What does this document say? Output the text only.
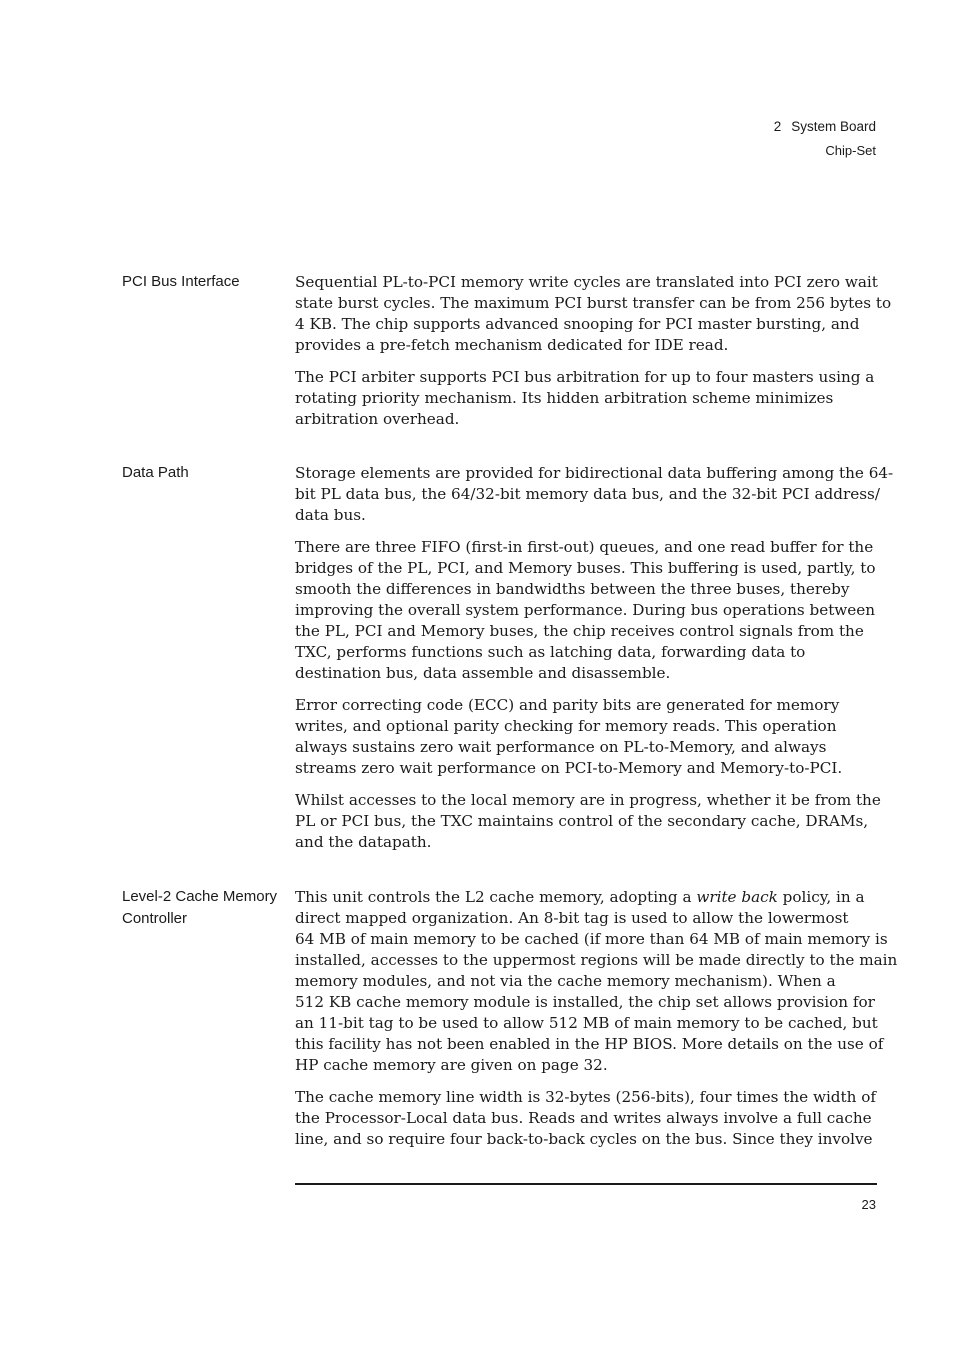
2 System Board
Chip-Set
PCI Bus Interface	Sequential PL-to-PCI memory write cycles are translated into PCI zero wait
state burst cycles. The maximum PCI burst transfer can be from 256 bytes to
4 KB. The chip supports advanced snooping for PCI master bursting, and
provides a pre-fetch mechanism dedicated for IDE read.

The PCI arbiter supports PCI bus arbitration for up to four masters using a
rotating priority mechanism. Its hidden arbitration scheme minimizes
arbitration overhead.

Data Path	Storage elements are provided for bidirectional data buffering among the 64-
bit PL data bus, the 64/32-bit memory data bus, and the 32-bit PCI address/
data bus.

There are three FIFO (first-in first-out) queues, and one read buffer for the
bridges of the PL, PCI, and Memory buses. This buffering is used, partly, to
smooth the differences in bandwidths between the three buses, thereby
improving the overall system performance. During bus operations between
the PL, PCI and Memory buses, the chip receives control signals from the
TXC, performs functions such as latching data, forwarding data to
destination bus, data assemble and disassemble.

Error correcting code (ECC) and parity bits are generated for memory
writes, and optional parity checking for memory reads. This operation
always sustains zero wait performance on PL-to-Memory, and always
streams zero wait performance on PCI-to-Memory and Memory-to-PCI.

Whilst accesses to the local memory are in progress, whether it be from the
PL or PCI bus, the TXC maintains control of the secondary cache, DRAMs,
and the datapath.

Level-2 Cache Memory
Controller

This unit controls the L2 cache memory, adopting a write back policy, in a
direct mapped organization. An 8-bit tag is used to allow the lowermost
64 MB of main memory to be cached (if more than 64 MB of main memory is
installed, accesses to the uppermost regions will be made directly to the main
memory modules, and not via the cache memory mechanism). When a
512 KB cache memory module is installed, the chip set allows provision for
an 11-bit tag to be used to allow 512 MB of main memory to be cached, but
this facility has not been enabled in the HP BIOS. More details on the use of
HP cache memory are given on page 32.

The cache memory line width is 32-bytes (256-bits), four times the width of
the Processor-Local data bus. Reads and writes always involve a full cache
line, and so require four back-to-back cycles on the bus. Since they involve

23
